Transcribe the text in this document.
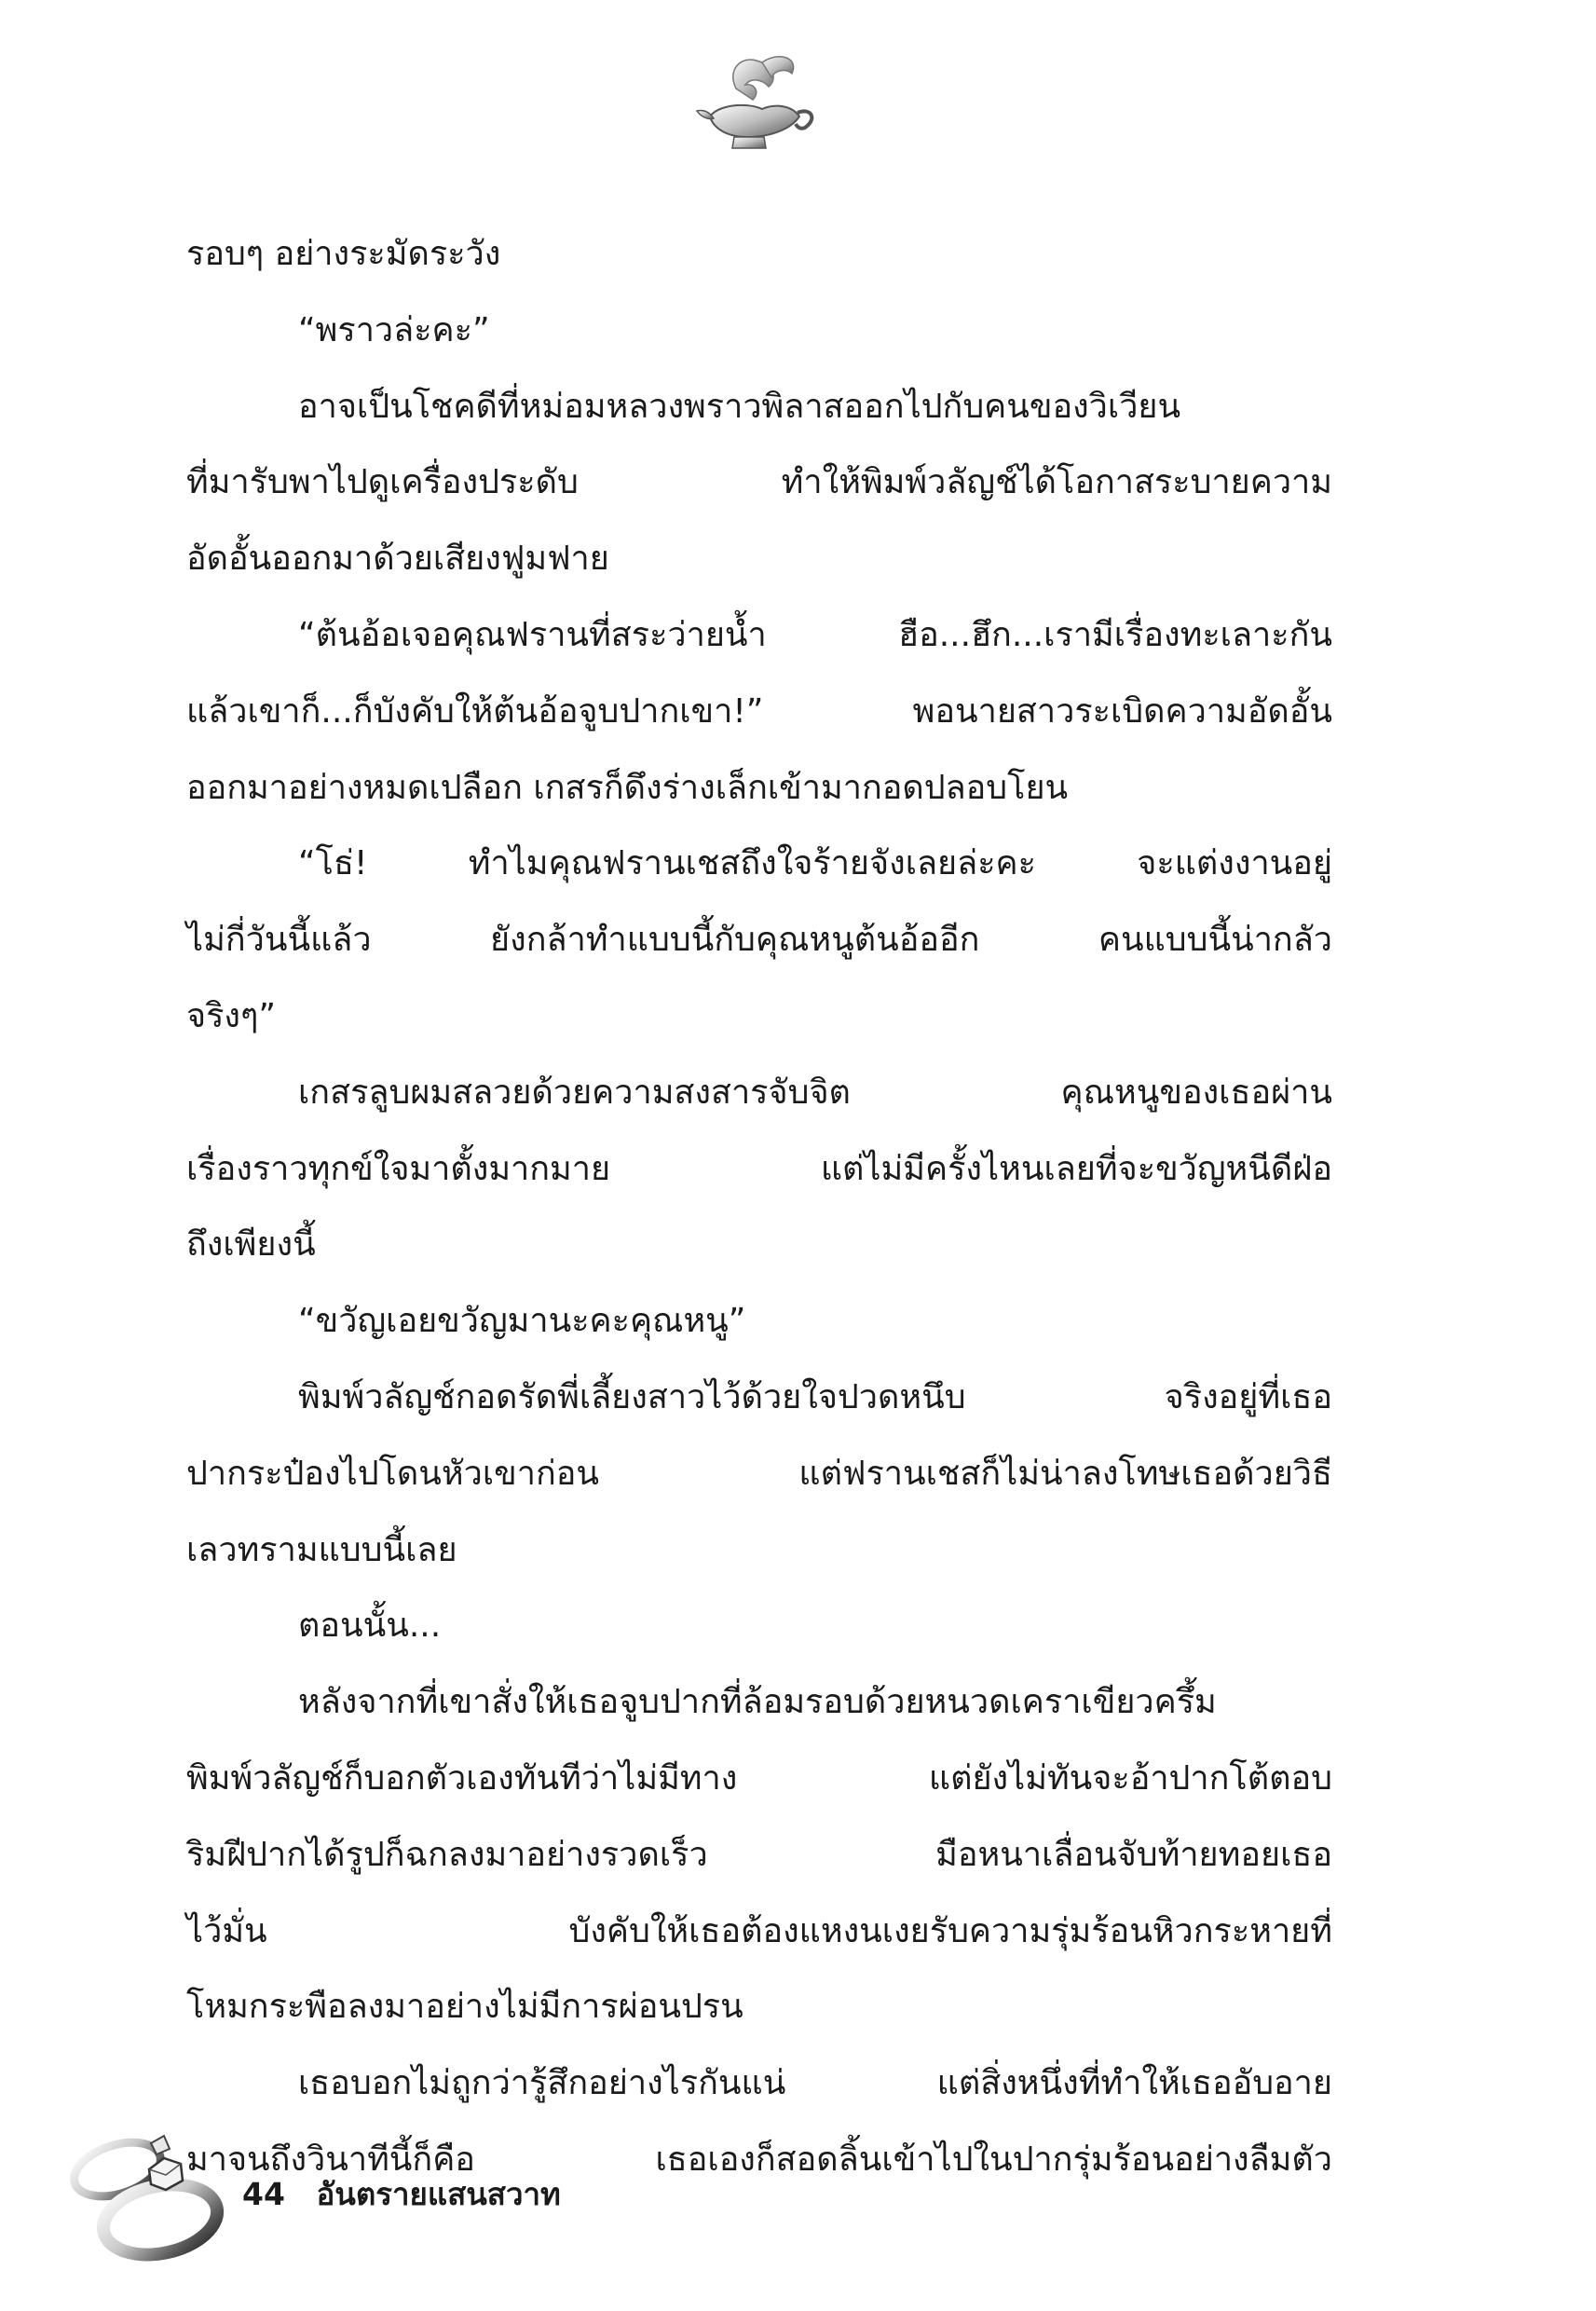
รอบๆ อย่างระมัดระวัง
“พราวล่ะคะ”
อาจเป็นโชคดีที่หม่อมหลวงพราวพิลาสออกไปกับคนของวิเวียน
ที่มารับพาไปดูเครื่องประดับ ทำให้พิมพ์วลัญช์ได้โอกาสระบายความ
อัดอั้นออกมาด้วยเสียงฟูมฟาย
“ต้นอ้อเจอคุณฟรานที่สระว่ายน้ำ ฮือ...ฮึก...เรามีเรื่องทะเลาะกัน
แล้วเขาก็...ก็บังคับให้ต้นอ้อจูบปากเขา!” พอนายสาวระเบิดความอัดอั้น
ออกมาอย่างหมดเปลือก เกสรก็ดึงร่างเล็กเข้ามากอดปลอบโยน
“โธ่! ทำไมคุณฟรานเชสถึงใจร้ายจังเลยล่ะคะ จะแต่งงานอยู่
ไม่กี่วันนี้แล้ว ยังกล้าทำแบบนี้กับคุณหนูต้นอ้ออีก คนแบบนี้น่ากลัว
จริงๆ”
เกสรลูบผมสลวยด้วยความสงสารจับจิต คุณหนูของเธอผ่าน
เรื่องราวทุกข์ใจมาตั้งมากมาย แต่ไม่มีครั้งไหนเลยที่จะขวัญหนีดีฝ่อ
ถึงเพียงนี้
“ขวัญเอยขวัญมานะคะคุณหนู”
พิมพ์วลัญช์กอดรัดพี่เลี้ยงสาวไว้ด้วยใจปวดหนึบ จริงอยู่ที่เธอ
ปากระป๋องไปโดนหัวเขาก่อน แต่ฟรานเชสก็ไม่น่าลงโทษเธอด้วยวิธี
เลวทรามแบบนี้เลย
ตอนนั้น...
หลังจากที่เขาสั่งให้เธอจูบปากที่ล้อมรอบด้วยหนวดเคราเขียวครึ้ม
พิมพ์วลัญช์ก็บอกตัวเองทันทีว่าไม่มีทาง แต่ยังไม่ทันจะอ้าปากโต้ตอบ
ริมฝีปากได้รูปก็ฉกลงมาอย่างรวดเร็ว มือหนาเลื่อนจับท้ายทอยเธอ
ไว้มั่น บังคับให้เธอต้องแหงนเงยรับความรุ่มร้อนหิวกระหายที่
โหมกระพือลงมาอย่างไม่มีการผ่อนปรน
เธอบอกไม่ถูกว่ารู้สึกอย่างไรกันแน่ แต่สิ่งหนึ่งที่ทำให้เธออับอาย
มาจนถึงวินาทีนี้ก็คือ เธอเองก็สอดลิ้นเข้าไปในปากรุ่มร้อนอย่างลืมตัว
44 อันตรายแสนสวาท
